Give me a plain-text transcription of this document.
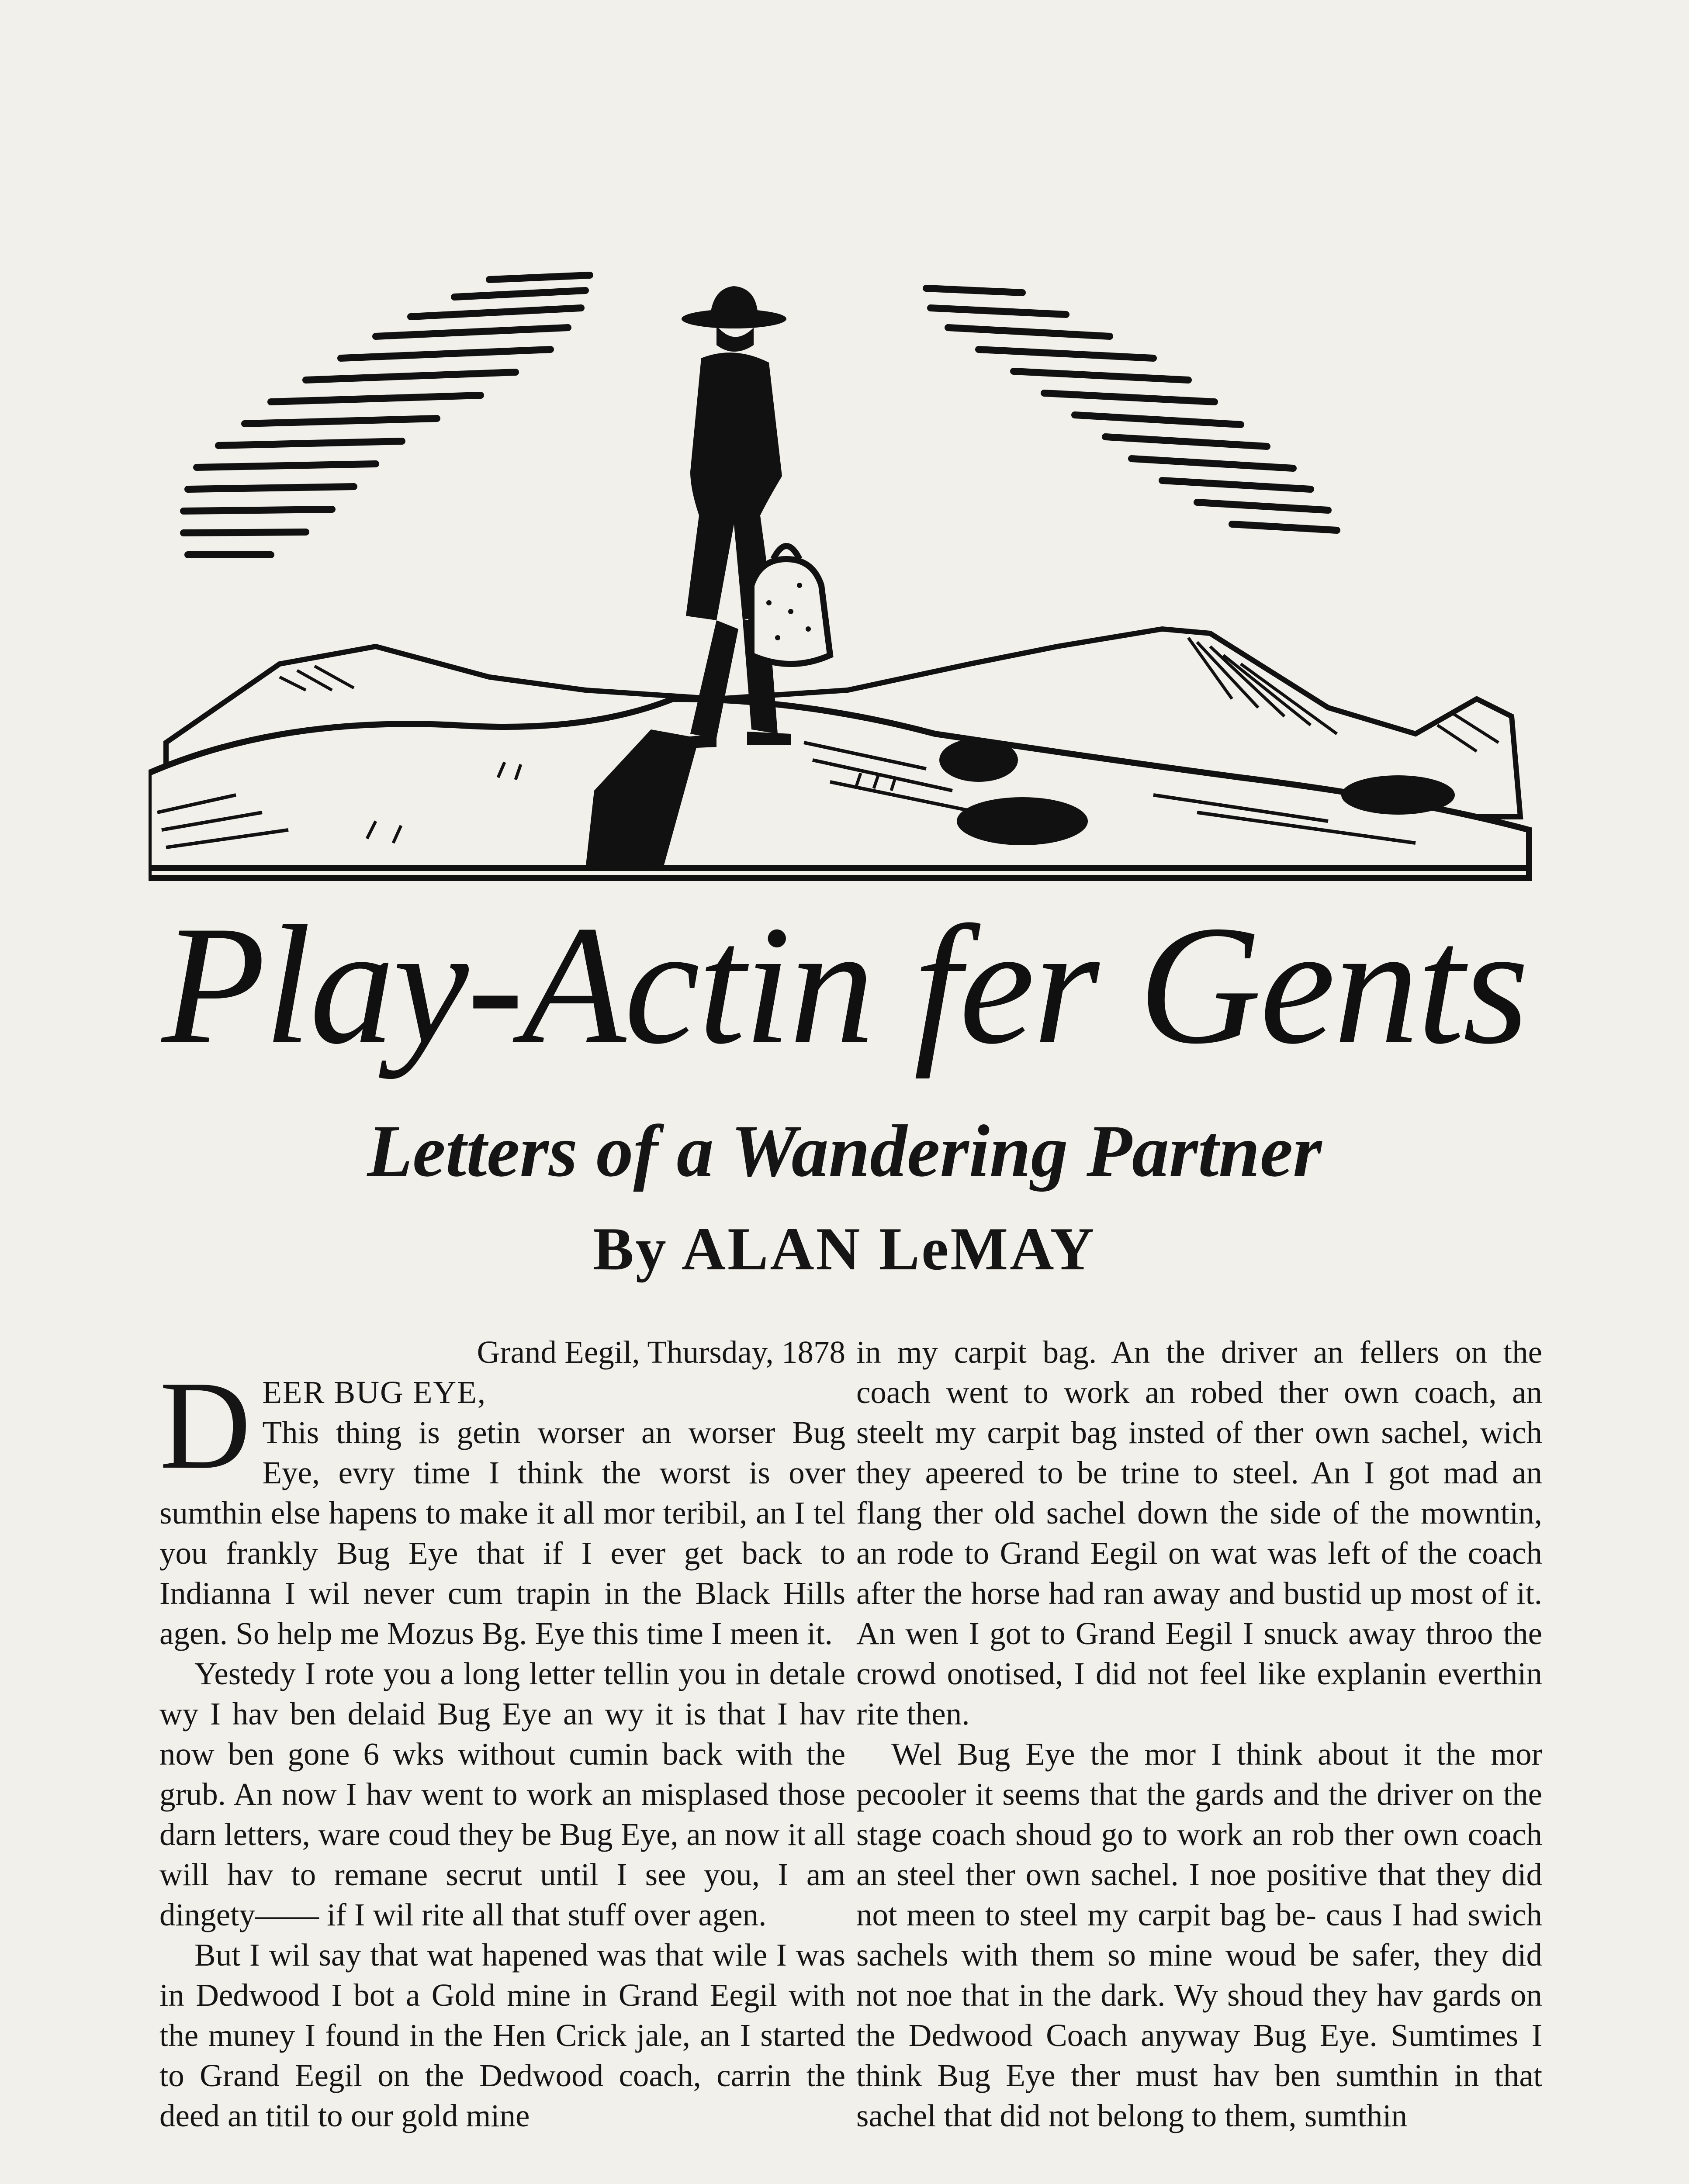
Play-Actin fer Gents
Letters of a Wandering Partner
By ALAN LeMAY

Grand Eegil, Thursday, 1878

D EER BUG EYE,

This thing is getin worser an worser Bug Eye, evry time I think the worst is over sumthin else hapens to make it all mor teribil, an I tel you frankly Bug Eye that if I ever get back to Indianna I wil never cum trapin in the Black Hills agen. So help me Mozus Bg. Eye this time I meen it.

Yestedy I rote you a long letter tellin you in detale wy I hav ben delaid Bug Eye an wy it is that I hav now ben gone 6 wks without cumin back with the grub. An now I hav went to work an misplased those darn letters, ware coud they be Bug Eye, an now it all will hav to remane secrut until I see you, I am dingety—— if I wil rite all that stuff over agen.

But I wil say that wat hapened was that wile I was in Dedwood I bot a Gold mine in Grand Eegil with the muney I found in the Hen Crick jale, an I started to Grand Eegil on the Dedwood coach, carrin the deed an titil to our gold mine

in my carpit bag. An the driver an fellers on the coach went to work an robed ther own coach, an steelt my carpit bag insted of ther own sachel, wich they apeered to be trine to steel. An I got mad an flang ther old sachel down the side of the mowntin, an rode to Grand Eegil on wat was left of the coach after the horse had ran away and bustid up most of it. An wen I got to Grand Eegil I snuck away throo the crowd onotised, I did not feel like explanin everthin rite then.

Wel Bug Eye the mor I think about it the mor pecooler it seems that the gards and the driver on the stage coach shoud go to work an rob ther own coach an steel ther own sachel. I noe positive that they did not meen to steel my carpit bag be- caus I had swich sachels with them so mine woud be safer, they did not noe that in the dark. Wy shoud they hav gards on the Dedwood Coach anyway Bug Eye. Sumtimes I think Bug Eye ther must hav ben sumthin in that sachel that did not belong to them, sumthin
